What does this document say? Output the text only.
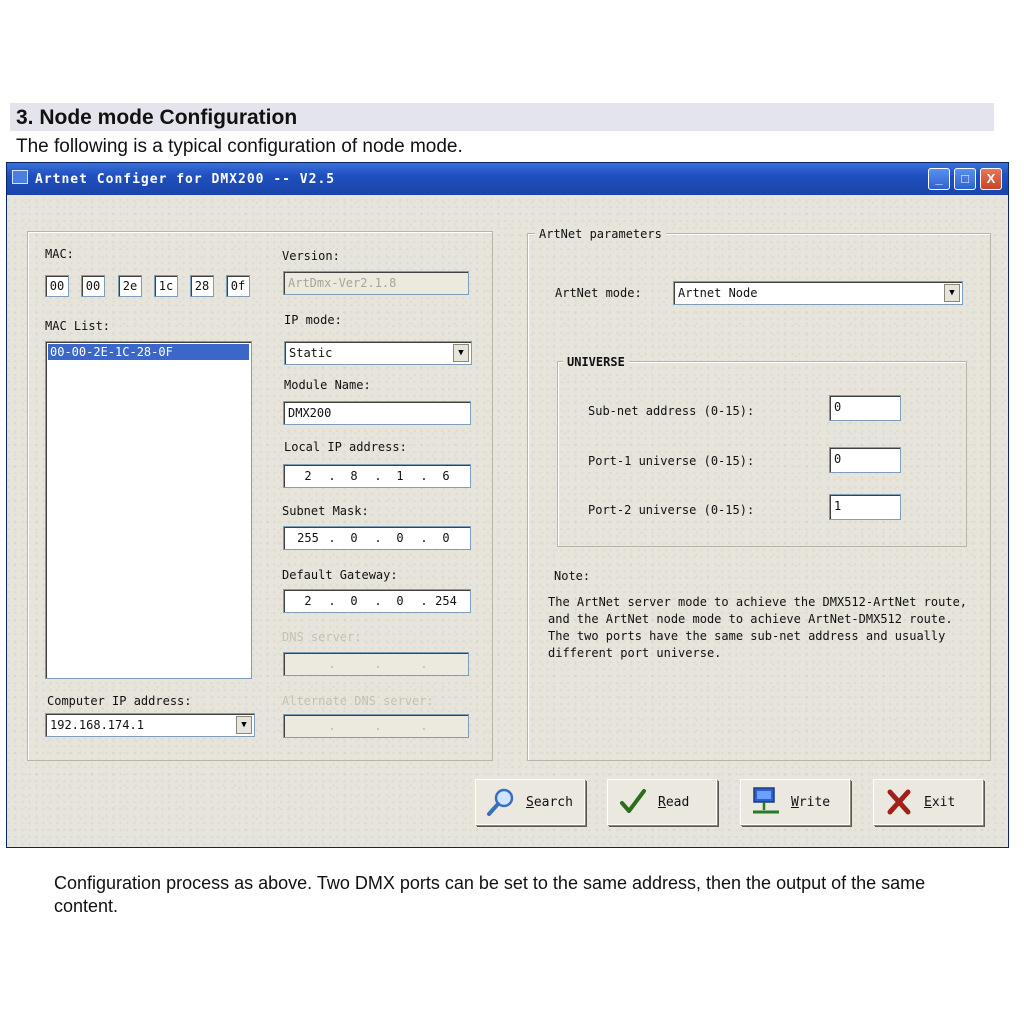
3. Node mode Configuration
The following is a typical configuration of node mode.
Artnet Configer for DMX200 -- V2.5	_	□	X
MAC:
00	00	2e	1c	28	0f
MAC List:
00-00-2E-1C-28-0F
Computer IP address:
192.168.174.1	▼
Version:
ArtDmx-Ver2.1.8
IP mode:
Static	▼
Module Name:
DMX200
Local IP address:
2	.	8	.	1	.	6
Subnet Mask:
255 .	0	.	0	.	0
Default Gateway:
2	.	0	.	0	. 254
DNS server:
.	.	.
Alternate DNS server:
.	.	.
ArtNet parameters
ArtNet mode:	Artnet Node	▼
UNIVERSE
Sub-net address (0-15):	0
Port-1 universe (0-15):	0
Port-2 universe (0-15):	1
Note:
The ArtNet server mode to achieve the DMX512-ArtNet route, and the ArtNet node mode to achieve ArtNet-DMX512 route. The two ports have the same sub-net address and usually different port universe.
Search	Read	Write	Exit
Configuration process as above. Two DMX ports can be set to the same address, then the output of the same content.
